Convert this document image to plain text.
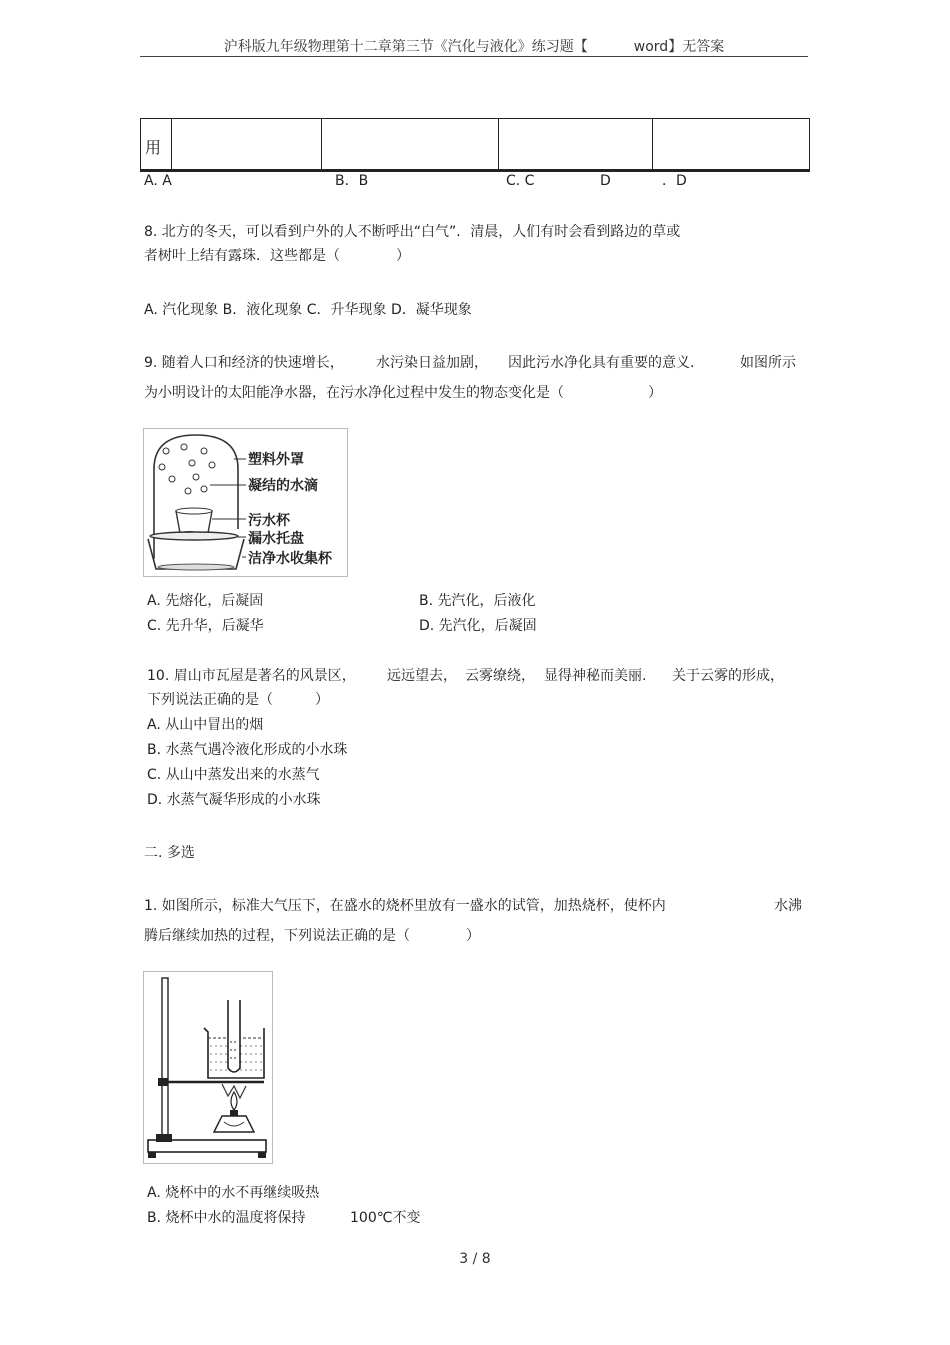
沪科版九年级物理第十二章第三节《汽化与液化》练习题【	word】无答案
用
A. A	B．B	C. C	D	．D
8. 北方的冬天，可以看到户外的人不断呼出“白气”．清晨，人们有时会看到路边的草或
者树叶上结有露珠．这些都是（　　　　）
A. 汽化现象 B．液化现象 C．升华现象 D．凝华现象
9. 随着人口和经济的快速增长， 水污染日益加剧， 因此污水净化具有重要的意义.	如图所示
为小明设计的太阳能净水器，在污水净化过程中发生的物态变化是（　　　　　　）
塑料外罩
凝结的水滴
污水杯
漏水托盘
洁净水收集杯
A. 先熔化，后凝固	B. 先汽化，后液化
C. 先升华，后凝华	D. 先汽化，后凝固
10. 眉山市瓦屋是著名的风景区， 远远望去， 云雾缭绕， 显得神秘而美丽. 关于云雾的形成，
下列说法正确的是（　　　）
A. 从山中冒出的烟
B. 水蒸气遇冷液化形成的小水珠
C. 从山中蒸发出来的水蒸气
D. 水蒸气凝华形成的小水珠
二. 多选
1. 如图所示，标准大气压下，在盛水的烧杯里放有一盛水的试管，加热烧杯，使杯内	水沸
腾后继续加热的过程，下列说法正确的是（　　　　）
A. 烧杯中的水不再继续吸热
B. 烧杯中水的温度将保持	100℃不变
3 / 8
